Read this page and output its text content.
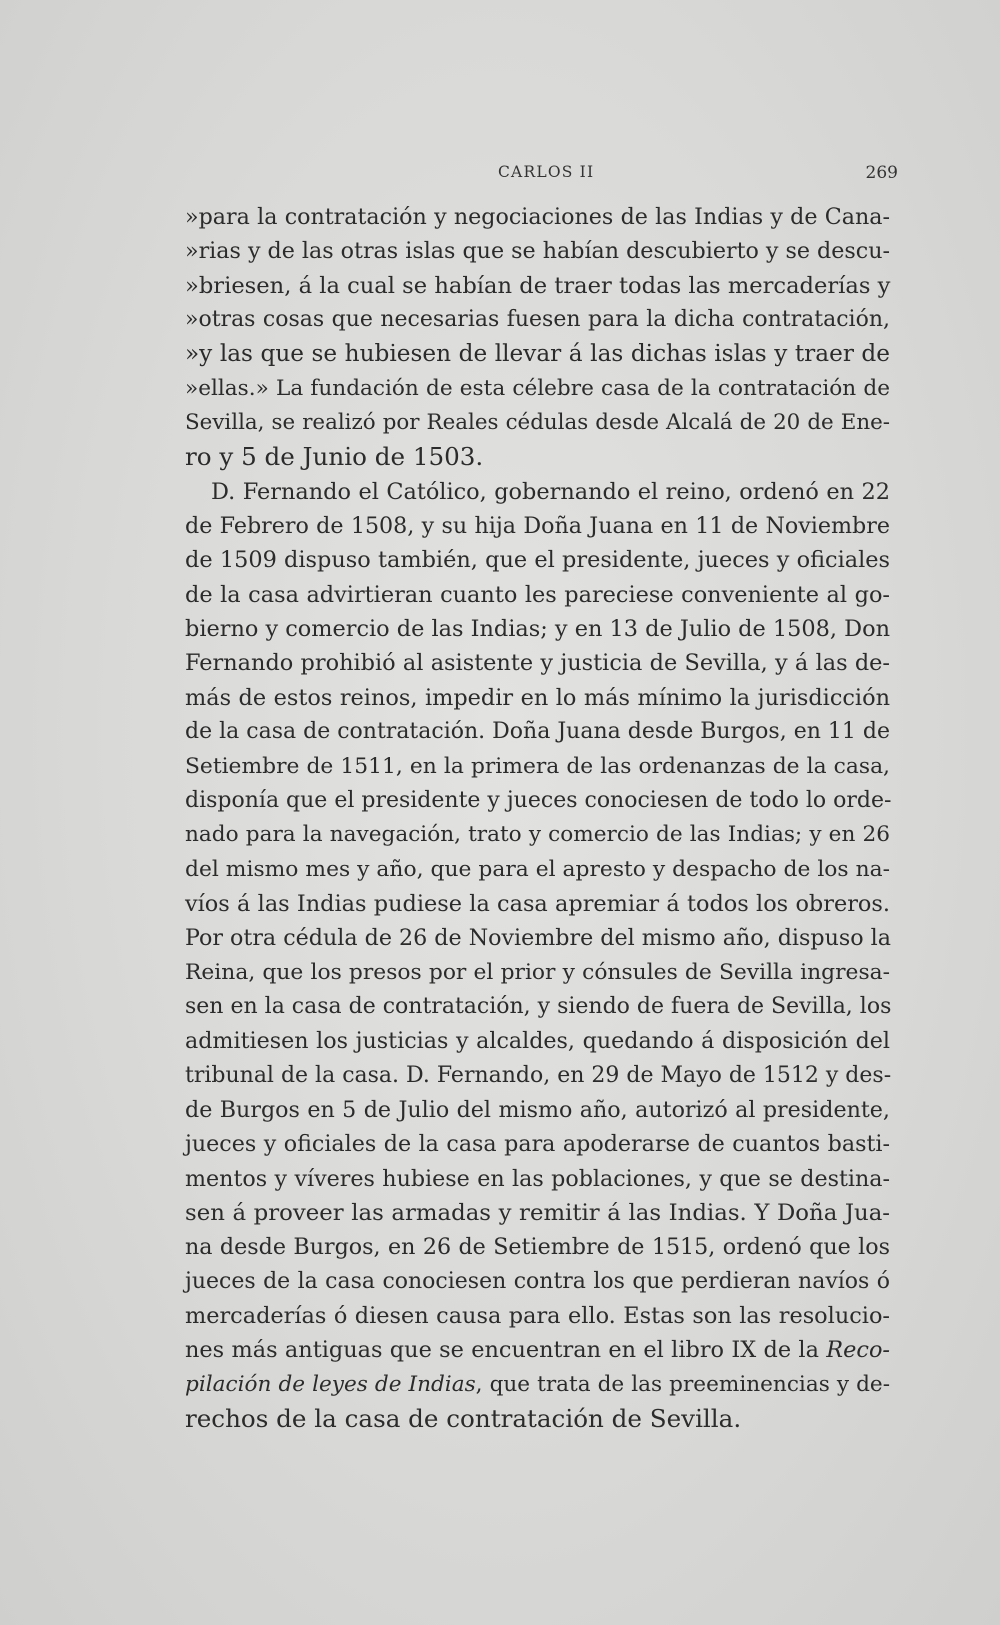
CARLOS II	269
»para la contratación y negociaciones de las Indias y de Cana-
»rias y de las otras islas que se habían descubierto y se descu-
»briesen, á la cual se habían de traer todas las mercaderías y
»otras cosas que necesarias fuesen para la dicha contratación,
»y las que se hubiesen de llevar á las dichas islas y traer de
»ellas.» La fundación de esta célebre casa de la contratación de
Sevilla, se realizó por Reales cédulas desde Alcalá de 20 de Ene-
ro y 5 de Junio de 1503.
D. Fernando el Católico, gobernando el reino, ordenó en 22
de Febrero de 1508, y su hija Doña Juana en 11 de Noviembre
de 1509 dispuso también, que el presidente, jueces y oficiales
de la casa advirtieran cuanto les pareciese conveniente al go-
bierno y comercio de las Indias; y en 13 de Julio de 1508, Don
Fernando prohibió al asistente y justicia de Sevilla, y á las de-
más de estos reinos, impedir en lo más mínimo la jurisdicción
de la casa de contratación. Doña Juana desde Burgos, en 11 de
Setiembre de 1511, en la primera de las ordenanzas de la casa,
disponía que el presidente y jueces conociesen de todo lo orde-
nado para la navegación, trato y comercio de las Indias; y en 26
del mismo mes y año, que para el apresto y despacho de los na-
víos á las Indias pudiese la casa apremiar á todos los obreros.
Por otra cédula de 26 de Noviembre del mismo año, dispuso la
Reina, que los presos por el prior y cónsules de Sevilla ingresa-
sen en la casa de contratación, y siendo de fuera de Sevilla, los
admitiesen los justicias y alcaldes, quedando á disposición del
tribunal de la casa. D. Fernando, en 29 de Mayo de 1512 y des-
de Burgos en 5 de Julio del mismo año, autorizó al presidente,
jueces y oficiales de la casa para apoderarse de cuantos basti-
mentos y víveres hubiese en las poblaciones, y que se destina-
sen á proveer las armadas y remitir á las Indias. Y Doña Jua-
na desde Burgos, en 26 de Setiembre de 1515, ordenó que los
jueces de la casa conociesen contra los que perdieran navíos ó
mercaderías ó diesen causa para ello. Estas son las resolucio-
nes más antiguas que se encuentran en el libro IX de la Reco-
pilación de leyes de Indias, que trata de las preeminencias y de-
rechos de la casa de contratación de Sevilla.
